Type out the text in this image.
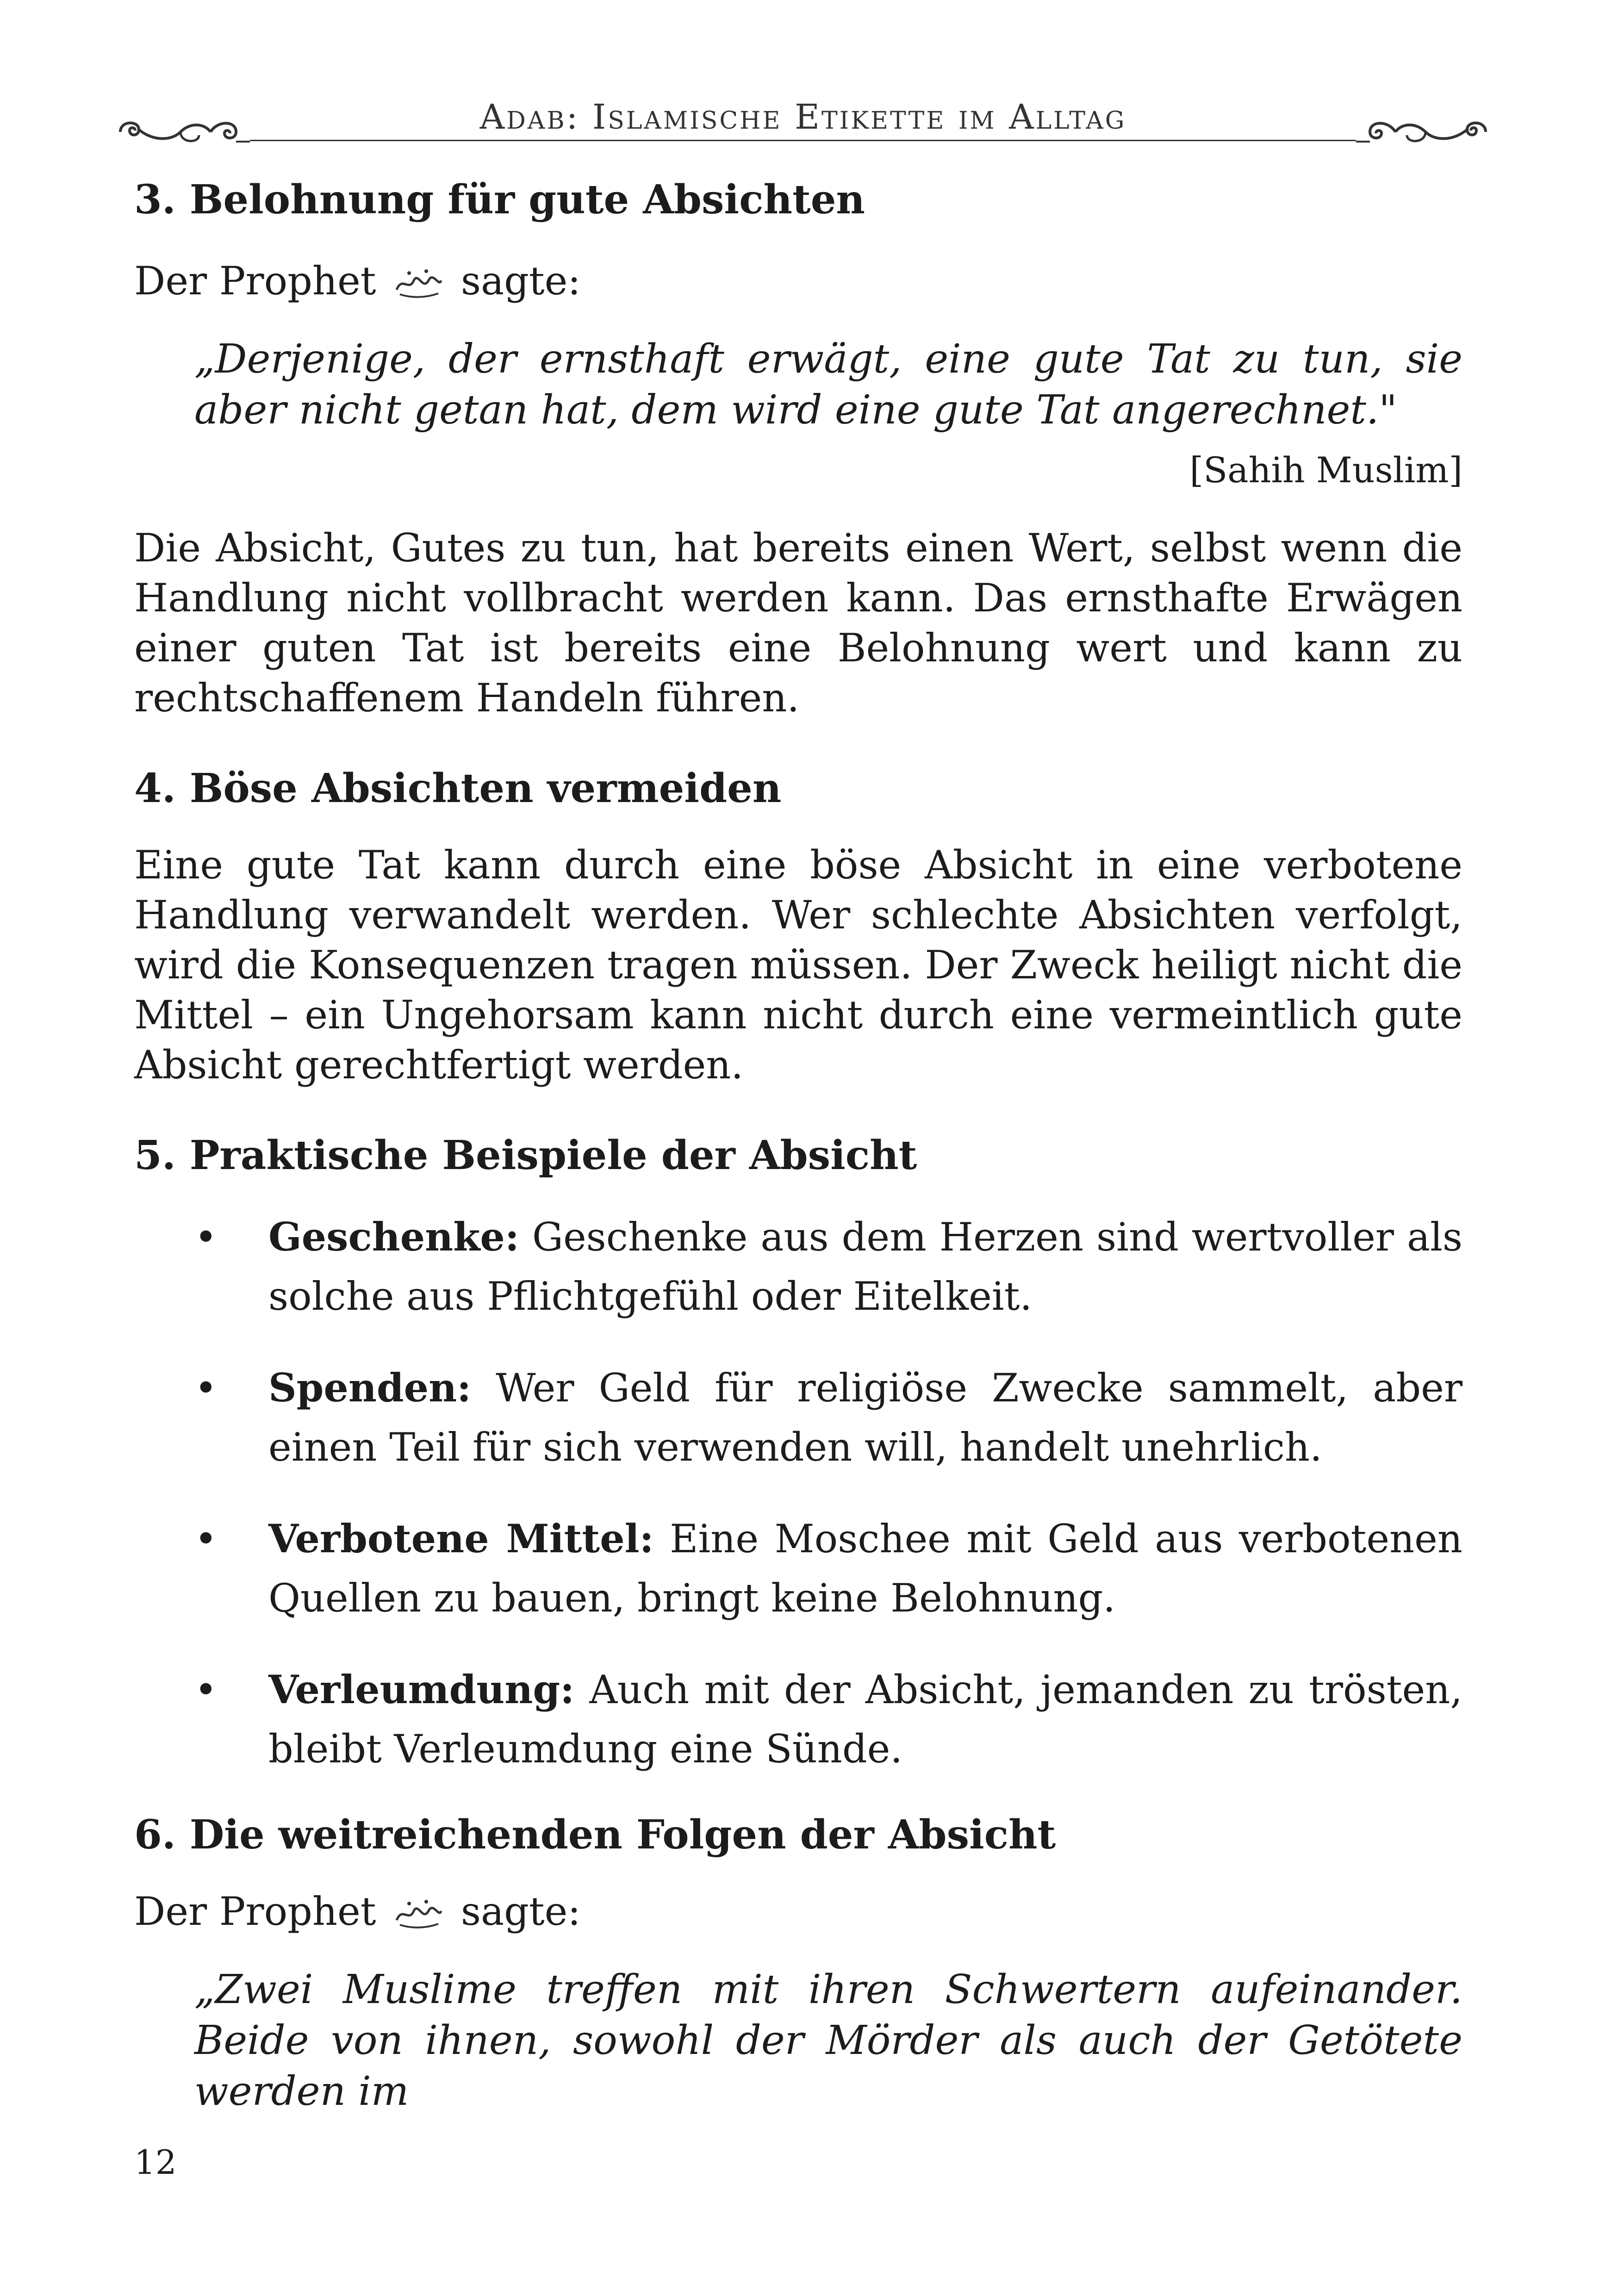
Adab: Islamische Etikette im Alltag
3. Belohnung für gute Absichten

Der Prophet sagte:

„Derjenige, der ernsthaft erwägt, eine gute Tat zu tun, sie aber nicht getan hat, dem wird eine gute Tat angerechnet."

[Sahih Muslim]

Die Absicht, Gutes zu tun, hat bereits einen Wert, selbst wenn die Handlung nicht vollbracht werden kann. Das ernsthafte Erwägen einer guten Tat ist bereits eine Belohnung wert und kann zu rechtschaffenem Handeln führen.

4. Böse Absichten vermeiden

Eine gute Tat kann durch eine böse Absicht in eine verbotene Handlung verwandelt werden. Wer schlechte Absichten verfolgt, wird die Konsequenzen tragen müssen. Der Zweck heiligt nicht die Mittel – ein Ungehorsam kann nicht durch eine vermeintlich gute Absicht gerechtfertigt werden.

5. Praktische Beispiele der Absicht
• Geschenke: Geschenke aus dem Herzen sind wertvoller als solche aus Pflichtgefühl oder Eitelkeit.

• Spenden: Wer Geld für religiöse Zwecke sammelt, aber einen Teil für sich verwenden will, handelt unehrlich.

• Verbotene Mittel: Eine Moschee mit Geld aus verbotenen Quellen zu bauen, bringt keine Belohnung.

• Verleumdung: Auch mit der Absicht, jemanden zu trösten, bleibt Verleumdung eine Sünde.

6. Die weitreichenden Folgen der Absicht

Der Prophet sagte:

„Zwei Muslime treffen mit ihren Schwertern aufeinander. Beide von ihnen, sowohl der Mörder als auch der Getötete werden im

12
